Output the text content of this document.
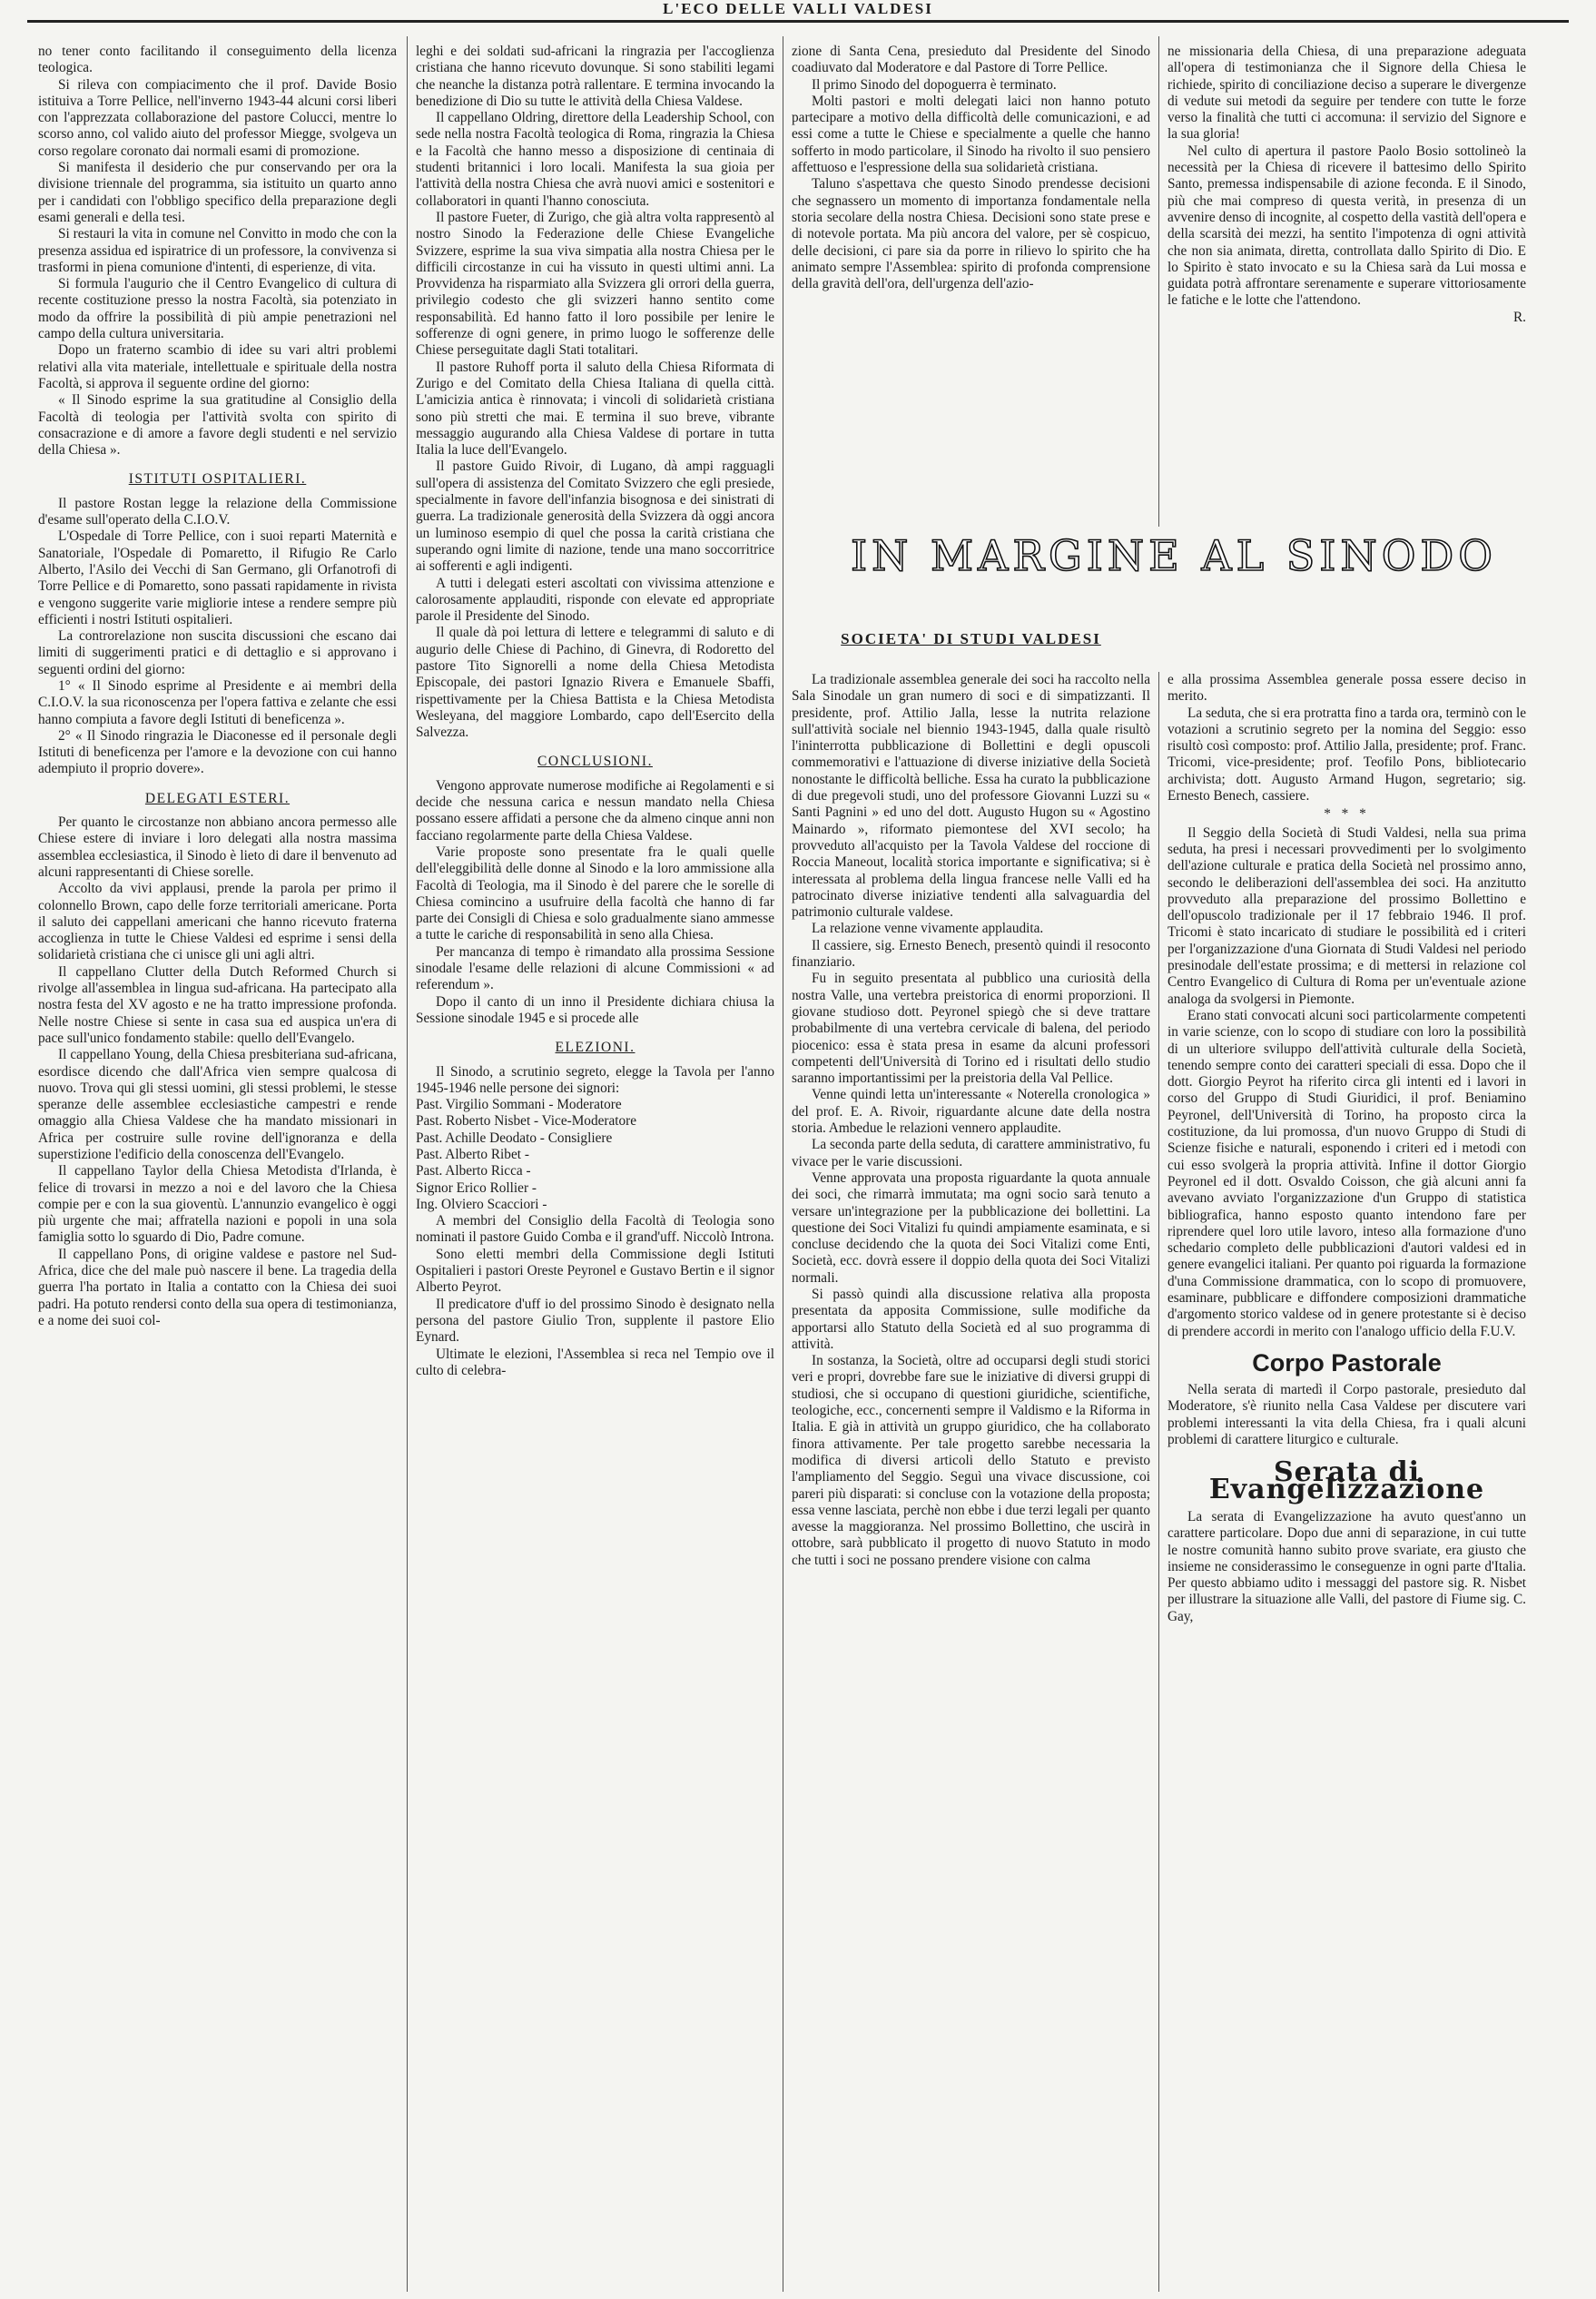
L'ECO DELLE VALLI VALDESI

no tener conto facilitando il conseguimento della licenza teologica.

Si rileva con compiacimento che il prof. Davide Bosio istituiva a Torre Pellice, nell'inverno 1943-44 alcuni corsi liberi con l'apprezzata collaborazione del pastore Colucci, mentre lo scorso anno, col valido aiuto del professor Miegge, svolgeva un corso regolare coronato dai normali esami di promozione.

Si manifesta il desiderio che pur conservando per ora la divisione triennale del programma, sia istituito un quarto anno per i candidati con l'obbligo specifico della preparazione degli esami generali e della tesi.

Si restauri la vita in comune nel Convitto in modo che con la presenza assidua ed ispiratrice di un professore, la convivenza si trasformi in piena comunione d'intenti, di esperienze, di vita.

Si formula l'augurio che il Centro Evangelico di cultura di recente costituzione presso la nostra Facoltà, sia potenziato in modo da offrire la possibilità di più ampie penetrazioni nel campo della cultura universitaria.

Dopo un fraterno scambio di idee su vari altri problemi relativi alla vita materiale, intellettuale e spirituale della nostra Facoltà, si approva il seguente ordine del giorno:

« Il Sinodo esprime la sua gratitudine al Consiglio della Facoltà di teologia per l'attività svolta con spirito di consacrazione e di amore a favore degli studenti e nel servizio della Chiesa ».

ISTITUTI OSPITALIERI.

Il pastore Rostan legge la relazione della Commissione d'esame sull'operato della C.I.O.V.

L'Ospedale di Torre Pellice, con i suoi reparti Maternità e Sanatoriale, l'Ospedale di Pomaretto, il Rifugio Re Carlo Alberto, l'Asilo dei Vecchi di San Germano, gli Orfanotrofi di Torre Pellice e di Pomaretto, sono passati rapidamente in rivista e vengono suggerite varie migliorie intese a rendere sempre più efficienti i nostri Istituti ospitalieri.

La controrelazione non suscita discussioni che escano dai limiti di suggerimenti pratici e di dettaglio e si approvano i seguenti ordini del giorno:

1° « Il Sinodo esprime al Presidente e ai membri della C.I.O.V. la sua riconoscenza per l'opera fattiva e zelante che essi hanno compiuta a favore degli Istituti di beneficenza ».

2° « Il Sinodo ringrazia le Diaconesse ed il personale degli Istituti di beneficenza per l'amore e la devozione con cui hanno adempiuto il proprio dovere».

DELEGATI ESTERI.

Per quanto le circostanze non abbiano ancora permesso alle Chiese estere di inviare i loro delegati alla nostra massima assemblea ecclesiastica, il Sinodo è lieto di dare il benvenuto ad alcuni rappresentanti di Chiese sorelle.

Accolto da vivi applausi, prende la parola per primo il colonnello Brown, capo delle forze territoriali americane. Porta il saluto dei cappellani americani che hanno ricevuto fraterna accoglienza in tutte le Chiese Valdesi ed esprime i sensi della solidarietà cristiana che ci unisce gli uni agli altri.

Il cappellano Clutter della Dutch Reformed Church si rivolge all'assemblea in lingua sud-africana. Ha partecipato alla nostra festa del XV agosto e ne ha tratto impressione profonda. Nelle nostre Chiese si sente in casa sua ed auspica un'era di pace sull'unico fondamento stabile: quello dell'Evangelo.

Il cappellano Young, della Chiesa presbiteriana sud-africana, esordisce dicendo che dall'Africa vien sempre qualcosa di nuovo. Trova qui gli stessi uomini, gli stessi problemi, le stesse speranze delle assemblee ecclesiastiche campestri e rende omaggio alla Chiesa Valdese che ha mandato missionari in Africa per costruire sulle rovine dell'ignoranza e della superstizione l'edificio della conoscenza dell'Evangelo.

Il cappellano Taylor della Chiesa Metodista d'Irlanda, è felice di trovarsi in mezzo a noi e del lavoro che la Chiesa compie per e con la sua gioventù. L'annunzio evangelico è oggi più urgente che mai; affratella nazioni e popoli in una sola famiglia sotto lo sguardo di Dio, Padre comune.

Il cappellano Pons, di origine valdese e pastore nel Sud-Africa, dice che del male può nascere il bene. La tragedia della guerra l'ha portato in Italia a contatto con la Chiesa dei suoi padri. Ha potuto rendersi conto della sua opera di testimonianza, e a nome dei suoi col-

leghi e dei soldati sud-africani la ringrazia per l'accoglienza cristiana che hanno ricevuto dovunque. Si sono stabiliti legami che neanche la distanza potrà rallentare. E termina invocando la benedizione di Dio su tutte le attività della Chiesa Valdese.

Il cappellano Oldring, direttore della Leadership School, con sede nella nostra Facoltà teologica di Roma, ringrazia la Chiesa e la Facoltà che hanno messo a disposizione di centinaia di studenti britannici i loro locali. Manifesta la sua gioia per l'attività della nostra Chiesa che avrà nuovi amici e sostenitori e collaboratori in quanti l'hanno conosciuta.

Il pastore Fueter, di Zurigo, che già altra volta rappresentò al nostro Sinodo la Federazione delle Chiese Evangeliche Svizzere, esprime la sua viva simpatia alla nostra Chiesa per le difficili circostanze in cui ha vissuto in questi ultimi anni. La Provvidenza ha risparmiato alla Svizzera gli orrori della guerra, privilegio codesto che gli svizzeri hanno sentito come responsabilità. Ed hanno fatto il loro possibile per lenire le sofferenze di ogni genere, in primo luogo le sofferenze delle Chiese perseguitate dagli Stati totalitari.

Il pastore Ruhoff porta il saluto della Chiesa Riformata di Zurigo e del Comitato della Chiesa Italiana di quella città. L'amicizia antica è rinnovata; i vincoli di solidarietà cristiana sono più stretti che mai. E termina il suo breve, vibrante messaggio augurando alla Chiesa Valdese di portare in tutta Italia la luce dell'Evangelo.

Il pastore Guido Rivoir, di Lugano, dà ampi ragguagli sull'opera di assistenza del Comitato Svizzero che egli presiede, specialmente in favore dell'infanzia bisognosa e dei sinistrati di guerra. La tradizionale generosità della Svizzera dà oggi ancora un luminoso esempio di quel che possa la carità cristiana che superando ogni limite di nazione, tende una mano soccorritrice ai sofferenti e agli indigenti.

A tutti i delegati esteri ascoltati con vivissima attenzione e calorosamente applauditi, risponde con elevate ed appropriate parole il Presidente del Sinodo.

Il quale dà poi lettura di lettere e telegrammi di saluto e di augurio delle Chiese di Pachino, di Ginevra, di Rodoretto del pastore Tito Signorelli a nome della Chiesa Metodista Episcopale, dei pastori Ignazio Rivera e Emanuele Sbaffi, rispettivamente per la Chiesa Battista e la Chiesa Metodista Wesleyana, del maggiore Lombardo, capo dell'Esercito della Salvezza.

CONCLUSIONI.

Vengono approvate numerose modifiche ai Regolamenti e si decide che nessuna carica e nessun mandato nella Chiesa possano essere affidati a persone che da almeno cinque anni non facciano regolarmente parte della Chiesa Valdese.

Varie proposte sono presentate fra le quali quelle dell'eleggibilità delle donne al Sinodo e la loro ammissione alla Facoltà di Teologia, ma il Sinodo è del parere che le sorelle di Chiesa comincino a usufruire della facoltà che hanno di far parte dei Consigli di Chiesa e solo gradualmente siano ammesse a tutte le cariche di responsabilità in seno alla Chiesa.

Per mancanza di tempo è rimandato alla prossima Sessione sinodale l'esame delle relazioni di alcune Commissioni « ad referendum ».

Dopo il canto di un inno il Presidente dichiara chiusa la Sessione sinodale 1945 e si procede alle

ELEZIONI.

Il Sinodo, a scrutinio segreto, elegge la Tavola per l'anno 1945-1946 nelle persone dei signori:

Past. Virgilio Sommani - Moderatore

Past. Roberto Nisbet - Vice-Moderatore

Past. Achille Deodato - Consigliere

Past. Alberto Ribet -

Past. Alberto Ricca -

Signor Erico Rollier -

Ing. Olviero Scacciori -

A membri del Consiglio della Facoltà di Teologia sono nominati il pastore Guido Comba e il grand'uff. Niccolò Introna.

Sono eletti membri della Commissione degli Istituti Ospitalieri i pastori Oreste Peyronel e Gustavo Bertin e il signor Alberto Peyrot.

Il predicatore d'uff io del prossimo Sinodo è designato nella persona del pastore Giulio Tron, supplente il pastore Elio Eynard.

Ultimate le elezioni, l'Assemblea si reca nel Tempio ove il culto di celebra-

zione di Santa Cena, presieduto dal Presidente del Sinodo coadiuvato dal Moderatore e dal Pastore di Torre Pellice.

Il primo Sinodo del dopoguerra è terminato.

Molti pastori e molti delegati laici non hanno potuto partecipare a motivo della difficoltà delle comunicazioni, e ad essi come a tutte le Chiese e specialmente a quelle che hanno sofferto in modo particolare, il Sinodo ha rivolto il suo pensiero affettuoso e l'espressione della sua solidarietà cristiana.

Taluno s'aspettava che questo Sinodo prendesse decisioni che segnassero un momento di importanza fondamentale nella storia secolare della nostra Chiesa. Decisioni sono state prese e di notevole portata. Ma più ancora del valore, per sè cospicuo, delle decisioni, ci pare sia da porre in rilievo lo spirito che ha animato sempre l'Assemblea: spirito di profonda comprensione della gravità dell'ora, dell'urgenza dell'azio-

ne missionaria della Chiesa, di una preparazione adeguata all'opera di testimonianza che il Signore della Chiesa le richiede, spirito di conciliazione deciso a superare le divergenze di vedute sui metodi da seguire per tendere con tutte le forze verso la finalità che tutti ci accomuna: il servizio del Signore e la sua gloria!

Nel culto di apertura il pastore Paolo Bosio sottolineò la necessità per la Chiesa di ricevere il battesimo dello Spirito Santo, premessa indispensabile di azione feconda. E il Sinodo, più che mai compreso di questa verità, in presenza di un avvenire denso di incognite, al cospetto della vastità dell'opera e della scarsità dei mezzi, ha sentito l'impotenza di ogni attività che non sia animata, diretta, controllata dallo Spirito di Dio. E lo Spirito è stato invocato e su la Chiesa sarà da Lui mossa e guidata potrà affrontare serenamente e superare vittoriosamente le fatiche e le lotte che l'attendono.

R.

IN MARGINE AL SINODO
SOCIETA' DI STUDI VALDESI

La tradizionale assemblea generale dei soci ha raccolto nella Sala Sinodale un gran numero di soci e di simpatizzanti. Il presidente, prof. Attilio Jalla, lesse la nutrita relazione sull'attività sociale nel biennio 1943-1945, dalla quale risultò l'ininterrotta pubblicazione di Bollettini e degli opuscoli commemorativi e l'attuazione di diverse iniziative della Società nonostante le difficoltà belliche. Essa ha curato la pubblicazione di due pregevoli studi, uno del professore Giovanni Luzzi su « Santi Pagnini » ed uno del dott. Augusto Hugon su « Agostino Mainardo », riformato piemontese del XVI secolo; ha provveduto all'acquisto per la Tavola Valdese del roccione di Roccia Maneout, località storica importante e significativa; si è interessata al problema della lingua francese nelle Valli ed ha patrocinato diverse iniziative tendenti alla salvaguardia del patrimonio culturale valdese.

La relazione venne vivamente applaudita.

Il cassiere, sig. Ernesto Benech, presentò quindi il resoconto finanziario.

Fu in seguito presentata al pubblico una curiosità della nostra Valle, una vertebra preistorica di enormi proporzioni. Il giovane studioso dott. Peyronel spiegò che si deve trattare probabilmente di una vertebra cervicale di balena, del periodo piocenico: essa è stata presa in esame da alcuni professori competenti dell'Università di Torino ed i risultati dello studio saranno importantissimi per la preistoria della Val Pellice.

Venne quindi letta un'interessante « Noterella cronologica » del prof. E. A. Rivoir, riguardante alcune date della nostra storia. Ambedue le relazioni vennero applaudite.

La seconda parte della seduta, di carattere amministrativo, fu vivace per le varie discussioni.

Venne approvata una proposta riguardante la quota annuale dei soci, che rimarrà immutata; ma ogni socio sarà tenuto a versare un'integrazione per la pubblicazione dei bollettini. La questione dei Soci Vitalizi fu quindi ampiamente esaminata, e si concluse decidendo che la quota dei Soci Vitalizi come Enti, Società, ecc. dovrà essere il doppio della quota dei Soci Vitalizi normali.

Si passò quindi alla discussione relativa alla proposta presentata da apposita Commissione, sulle modifiche da apportarsi allo Statuto della Società ed al suo programma di attività.

In sostanza, la Società, oltre ad occuparsi degli studi storici veri e propri, dovrebbe fare sue le iniziative di diversi gruppi di studiosi, che si occupano di questioni giuridiche, scientifiche, teologiche, ecc., concernenti sempre il Valdismo e la Riforma in Italia. E già in attività un gruppo giuridico, che ha collaborato finora attivamente. Per tale progetto sarebbe necessaria la modifica di diversi articoli dello Statuto e previsto l'ampliamento del Seggio. Seguì una vivace discussione, coi pareri più disparati: si concluse con la votazione della proposta; essa venne lasciata, perchè non ebbe i due terzi legali per quanto avesse la maggioranza. Nel prossimo Bollettino, che uscirà in ottobre, sarà pubblicato il progetto di nuovo Statuto in modo che tutti i soci ne possano prendere visione con calma

e alla prossima Assemblea generale possa essere deciso in merito.

La seduta, che si era protratta fino a tarda ora, terminò con le votazioni a scrutinio segreto per la nomina del Seggio: esso risultò così composto: prof. Attilio Jalla, presidente; prof. Franc. Tricomi, vice-presidente; prof. Teofilo Pons, bibliotecario archivista; dott. Augusto Armand Hugon, segretario; sig. Ernesto Benech, cassiere.

* * *

Il Seggio della Società di Studi Valdesi, nella sua prima seduta, ha presi i necessari provvedimenti per lo svolgimento dell'azione culturale e pratica della Società nel prossimo anno, secondo le deliberazioni dell'assemblea dei soci. Ha anzitutto provveduto alla preparazione del prossimo Bollettino e dell'opuscolo tradizionale per il 17 febbraio 1946. Il prof. Tricomi è stato incaricato di studiare le possibilità ed i criteri per l'organizzazione d'una Giornata di Studi Valdesi nel periodo presinodale dell'estate prossima; e di mettersi in relazione col Centro Evangelico di Cultura di Roma per un'eventuale azione analoga da svolgersi in Piemonte.

Erano stati convocati alcuni soci particolarmente competenti in varie scienze, con lo scopo di studiare con loro la possibilità di un ulteriore sviluppo dell'attività culturale della Società, tenendo sempre conto dei caratteri speciali di essa. Dopo che il dott. Giorgio Peyrot ha riferito circa gli intenti ed i lavori in corso del Gruppo di Studi Giuridici, il prof. Beniamino Peyronel, dell'Università di Torino, ha proposto circa la costituzione, da lui promossa, d'un nuovo Gruppo di Studi di Scienze fisiche e naturali, esponendo i criteri ed i metodi con cui esso svolgerà la propria attività. Infine il dottor Giorgio Peyronel ed il dott. Osvaldo Coisson, che già alcuni anni fa avevano avviato l'organizzazione d'un Gruppo di statistica bibliografica, hanno esposto quanto intendono fare per riprendere quel loro utile lavoro, inteso alla formazione d'uno schedario completo delle pubblicazioni d'autori valdesi ed in genere evangelici italiani. Per quanto poi riguarda la formazione d'una Commissione drammatica, con lo scopo di promuovere, esaminare, pubblicare e diffondere composizioni drammatiche d'argomento storico valdese od in genere protestante si è deciso di prendere accordi in merito con l'analogo ufficio della F.U.V.

Corpo Pastorale

Nella serata di martedì il Corpo pastorale, presieduto dal Moderatore, s'è riunito nella Casa Valdese per discutere vari problemi interessanti la vita della Chiesa, fra i quali alcuni problemi di carattere liturgico e culturale.

Serata di Evangelizzazione

La serata di Evangelizzazione ha avuto quest'anno un carattere particolare. Dopo due anni di separazione, in cui tutte le nostre comunità hanno subito prove svariate, era giusto che insieme ne considerassimo le conseguenze in ogni parte d'Italia. Per questo abbiamo udito i messaggi del pastore sig. R. Nisbet per illustrare la situazione alle Valli, del pastore di Fiume sig. C. Gay,
